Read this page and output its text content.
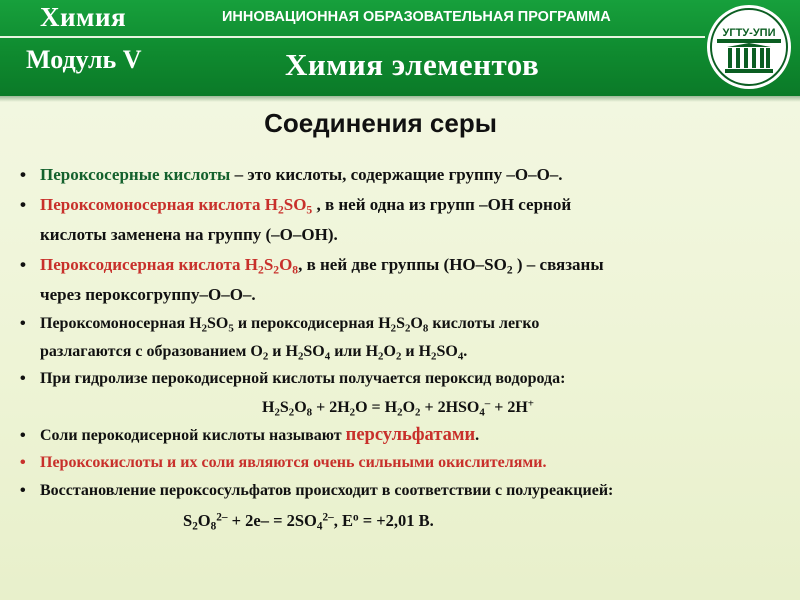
Химия	ИННОВАЦИОННАЯ ОБРАЗОВАТЕЛЬНАЯ ПРОГРАММА
Модуль V	Химия элементов
УГТУ-УПИ
Соединения серы
• Пероксосерные кислоты – это кислоты, содержащие группу –O–O–.
• Пероксомоносерная кислота $H_2SO_5$ , в ней одна из групп –OH серной
кислоты заменена на группу (–O–OH).
• Пероксодисерная кислота $H_2S_2O_8$, в ней две группы ($HO-SO_2$ ) – связаны
через пероксогруппу–O–O–.
• Пероксомоносерная $H_2SO_5$ и пероксодисерная $H_2S_2O_8$ кислоты легко
разлагаются с образованием $O_2$ и $H_2SO_4$ или $H_2O_2$ и $H_2SO_4$.
• При гидролизе перокодисерной кислоты получается пероксид водорода:
$H_2S_2O_8 + 2H_2O = H_2O_2 + 2HSO_4^- + 2H^+$
• Соли перокодисерной кислоты называют персульфатами.
• Пероксокислоты и их соли являются очень сильными окислителями.
• Восстановление пероксосульфатов происходит в соответствии с полуреакцией:
$S_2O_8^{2-} + 2e- = 2SO_4^{2-}$, $E^o = +2,01$ B.
